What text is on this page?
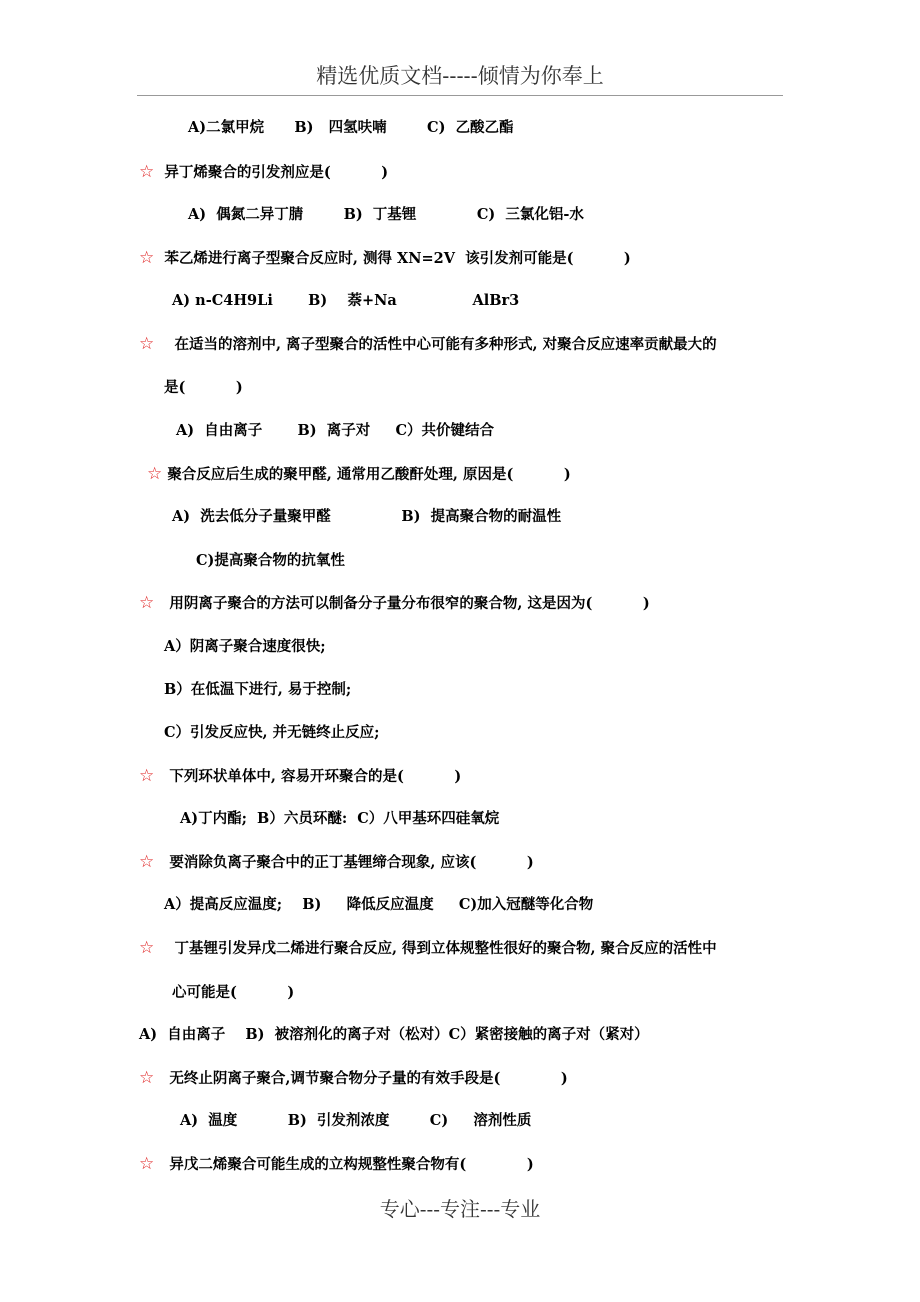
精选优质文档-----倾情为你奉上
A)二氯甲烷      B)   四氢呋喃        C)  乙酸乙酯
☆ 异丁烯聚合的引发剂应是(          )
A)  偶氮二异丁腈        B)  丁基锂            C)  三氯化铝-水
☆ 苯乙烯进行离子型聚合反应时, 测得 XN=2V  该引发剂可能是(          )
A) n-C4H9Li       B)    萘+Na               AlBr3
☆ 在适当的溶剂中, 离子型聚合的活性中心可能有多种形式, 对聚合反应速率贡献最大的
是(          )
A)  自由离子       B)  离子对     C）共价键结合
☆ 聚合反应后生成的聚甲醛, 通常用乙酸酐处理, 原因是(          )
A)  洗去低分子量聚甲醛              B)  提高聚合物的耐温性
C)提高聚合物的抗氧性
☆ 用阴离子聚合的方法可以制备分子量分布很窄的聚合物, 这是因为(          )
A）阴离子聚合速度很快;
B）在低温下进行, 易于控制;
C）引发反应快, 并无链终止反应;
☆ 下列环状单体中, 容易开环聚合的是(          )
A)丁内酯;  B）六员环醚:  C）八甲基环四硅氧烷
☆ 要消除负离子聚合中的正丁基锂缔合现象, 应该(          )
A）提高反应温度;    B)     降低反应温度     C)加入冠醚等化合物
☆ 丁基锂引发异戊二烯进行聚合反应, 得到立体规整性很好的聚合物, 聚合反应的活性中
心可能是(          )
A)  自由离子    B)  被溶剂化的离子对（松对）C）紧密接触的离子对（紧对）
☆ 无终止阴离子聚合,调节聚合物分子量的有效手段是(            )
A)  温度          B)  引发剂浓度        C)     溶剂性质
☆ 异戊二烯聚合可能生成的立构规整性聚合物有(            )
专心---专注---专业
